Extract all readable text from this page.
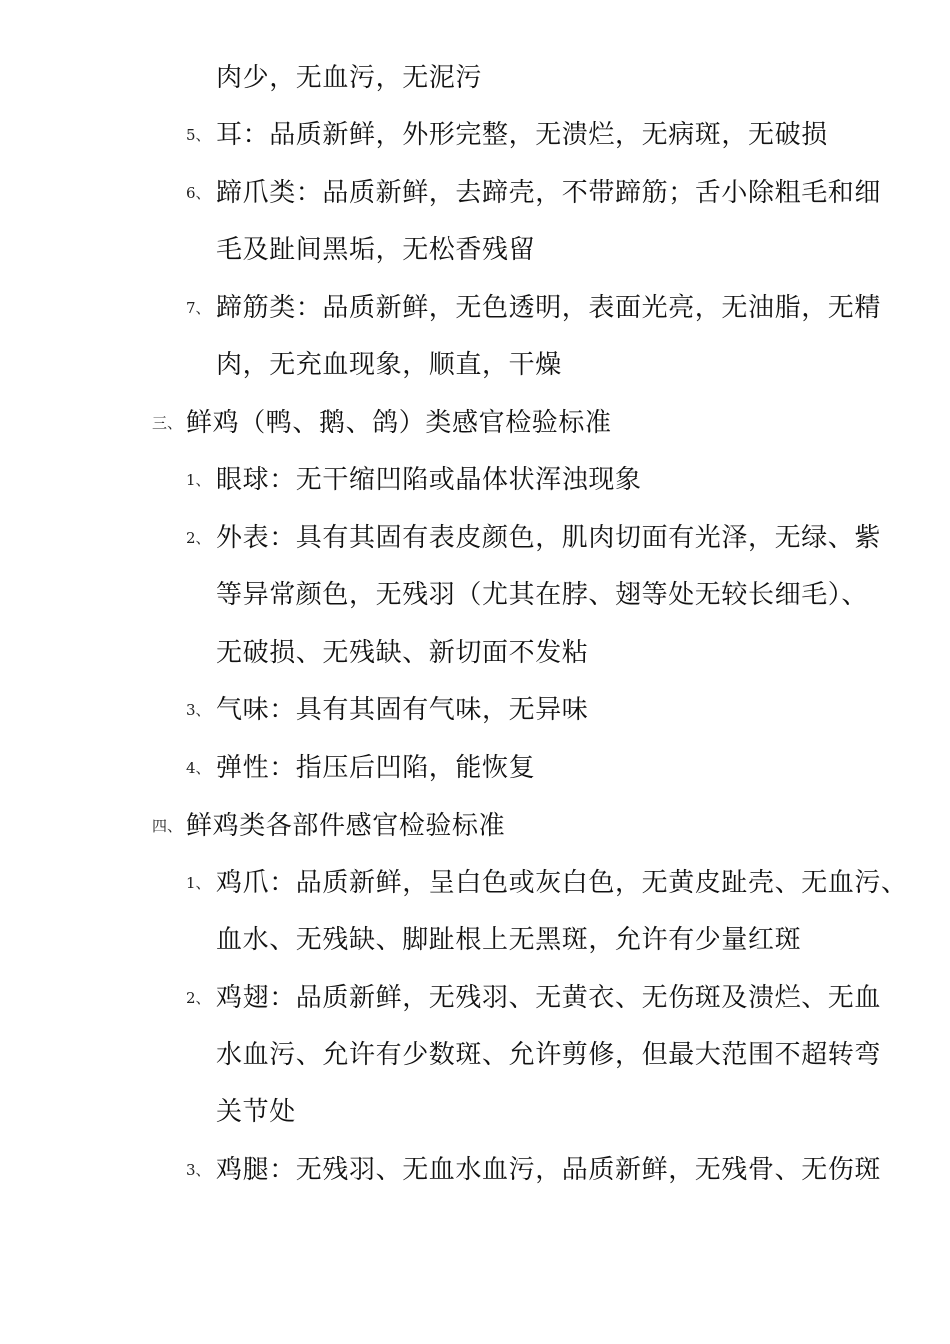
肉少，无血污，无泥污
5、 耳：品质新鲜，外形完整，无溃烂，无病斑，无破损
6、 蹄爪类：品质新鲜，去蹄壳，不带蹄筋；舌小除粗毛和细
毛及趾间黑垢，无松香残留
7、 蹄筋类：品质新鲜，无色透明，表面光亮，无油脂，无精
肉，无充血现象，顺直，干燥
三、 鲜鸡（鸭、鹅、鸽）类感官检验标准
1、 眼球：无干缩凹陷或晶体状浑浊现象
2、 外表：具有其固有表皮颜色，肌肉切面有光泽，无绿、紫
等异常颜色，无残羽（尤其在脖、翅等处无较长细毛）、
无破损、无残缺、新切面不发粘
3、 气味：具有其固有气味，无异味
4、 弹性：指压后凹陷，能恢复
四、 鲜鸡类各部件感官检验标准
1、 鸡爪：品质新鲜，呈白色或灰白色，无黄皮趾壳、无血污、
血水、无残缺、脚趾根上无黑斑，允许有少量红斑
2、 鸡翅：品质新鲜，无残羽、无黄衣、无伤斑及溃烂、无血
水血污、允许有少数斑、允许剪修，但最大范围不超转弯
关节处
3、 鸡腿：无残羽、无血水血污，品质新鲜，无残骨、无伤斑
